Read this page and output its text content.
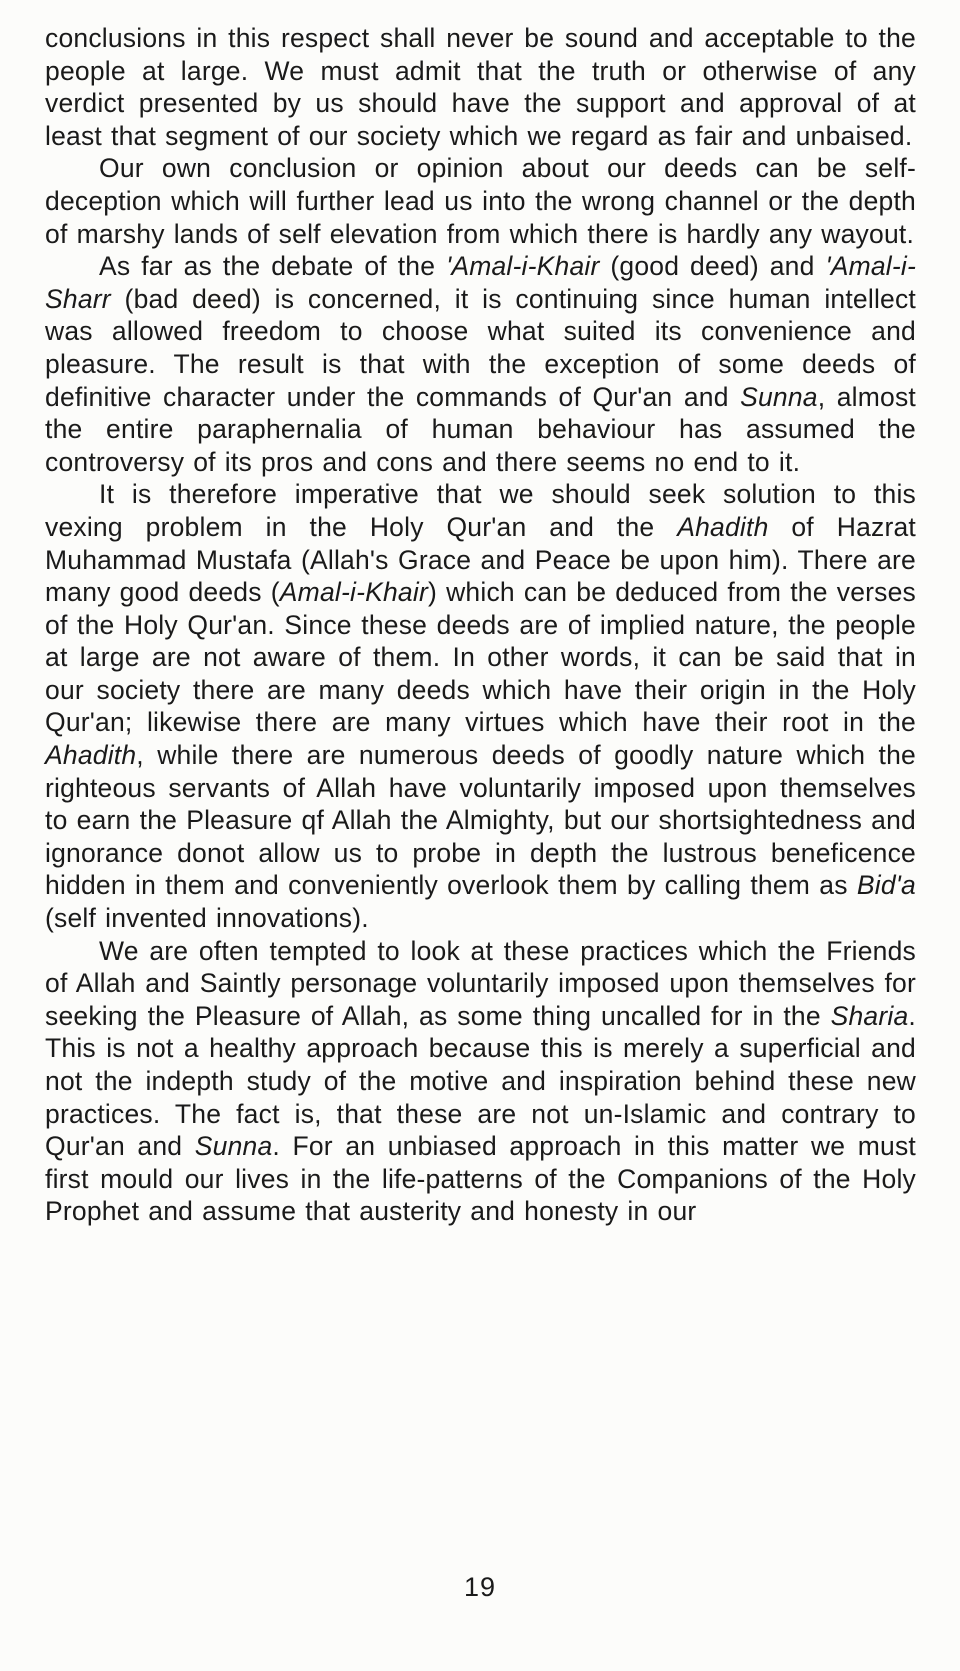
conclusions in this respect shall never be sound and acceptable to the people at large. We must admit that the truth or otherwise of any verdict presented by us should have the support and approval of at least that segment of our society which we regard as fair and unbaised.

Our own conclusion or opinion about our deeds can be self-deception which will further lead us into the wrong channel or the depth of marshy lands of self elevation from which there is hardly any wayout.

As far as the debate of the 'Amal-i-Khair (good deed) and 'Amal-i-Sharr (bad deed) is concerned, it is continuing since human intellect was allowed freedom to choose what suited its convenience and pleasure. The result is that with the exception of some deeds of definitive character under the commands of Qur'an and Sunna, almost the entire paraphernalia of human behaviour has assumed the controversy of its pros and cons and there seems no end to it.

It is therefore imperative that we should seek solution to this vexing problem in the Holy Qur'an and the Ahadith of Hazrat Muhammad Mustafa (Allah's Grace and Peace be upon him). There are many good deeds (Amal-i-Khair) which can be deduced from the verses of the Holy Qur'an. Since these deeds are of implied nature, the people at large are not aware of them. In other words, it can be said that in our society there are many deeds which have their origin in the Holy Qur'an; likewise there are many virtues which have their root in the Ahadith, while there are numerous deeds of goodly nature which the righteous servants of Allah have voluntarily imposed upon themselves to earn the Pleasure qf Allah the Almighty, but our shortsightedness and ignorance donot allow us to probe in depth the lustrous beneficence hidden in them and conveniently overlook them by calling them as Bid'a (self invented innovations).

We are often tempted to look at these practices which the Friends of Allah and Saintly personage voluntarily imposed upon themselves for seeking the Pleasure of Allah, as some thing uncalled for in the Sharia. This is not a healthy approach because this is merely a superficial and not the indepth study of the motive and inspiration behind these new practices. The fact is, that these are not un-Islamic and contrary to Qur'an and Sunna. For an unbiased approach in this matter we must first mould our lives in the life-patterns of the Companions of the Holy Prophet and assume that austerity and honesty in our

19
